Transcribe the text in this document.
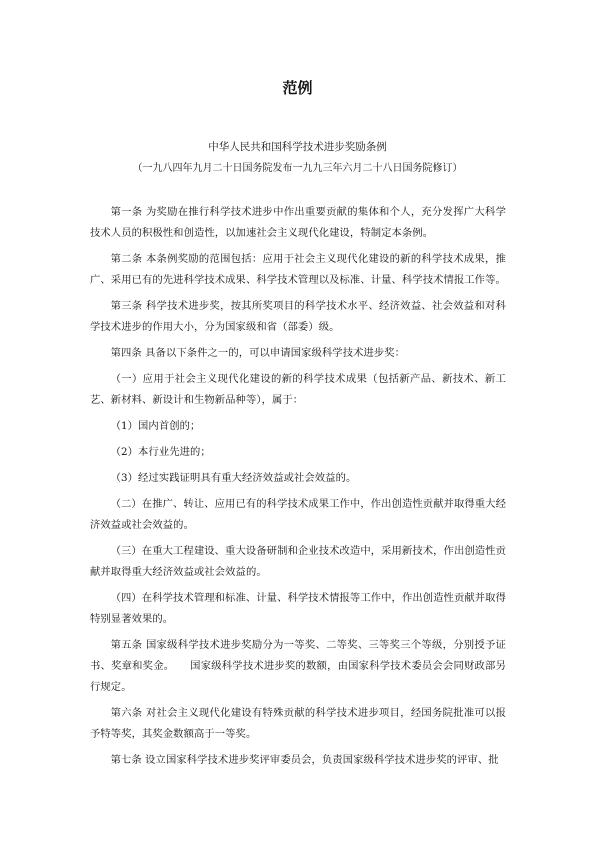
范例
中华人民共和国科学技术进步奖励条例
（一九八四年九月二十日国务院发布一九九三年六月二十八日国务院修订）

第一条 为奖励在推行科学技术进步中作出重要贡献的集体和个人，充分发挥广大科学技术人员的积极性和创造性，以加速社会主义现代化建设，特制定本条例。

第二条 本条例奖励的范围包括：应用于社会主义现代化建设的新的科学技术成果，推广、采用已有的先进科学技术成果、科学技术管理以及标准、计量、科学技术情报工作等。

第三条 科学技术进步奖，按其所奖项目的科学技术水平、经济效益、社会效益和对科学技术进步的作用大小，分为国家级和省（部委）级。

第四条 具备以下条件之一的，可以申请国家级科学技术进步奖：

（一）应用于社会主义现代化建设的新的科学技术成果（包括新产品、新技术、新工艺、新材料、新设计和生物新品种等），属于：

（1）国内首创的；

（2）本行业先进的；

（3）经过实践证明具有重大经济效益或社会效益的。

（二）在推广、转让、应用已有的科学技术成果工作中，作出创造性贡献并取得重大经济效益或社会效益的。

（三）在重大工程建设、重大设备研制和企业技术改造中，采用新技术，作出创造性贡献并取得重大经济效益或社会效益的。

（四）在科学技术管理和标准、计量、科学技术情报等工作中，作出创造性贡献并取得特别显著效果的。

第五条 国家级科学技术进步奖励分为一等奖、二等奖、三等奖三个等级，分别授予证书、奖章和奖金。　　国家级科学技术进步奖的数额，由国家科学技术委员会会同财政部另行规定。

第六条 对社会主义现代化建设有特殊贡献的科学技术进步项目，经国务院批准可以报予特等奖，其奖金数额高于一等奖。

第七条 设立国家科学技术进步奖评审委员会，负责国家级科学技术进步奖的评审、批
